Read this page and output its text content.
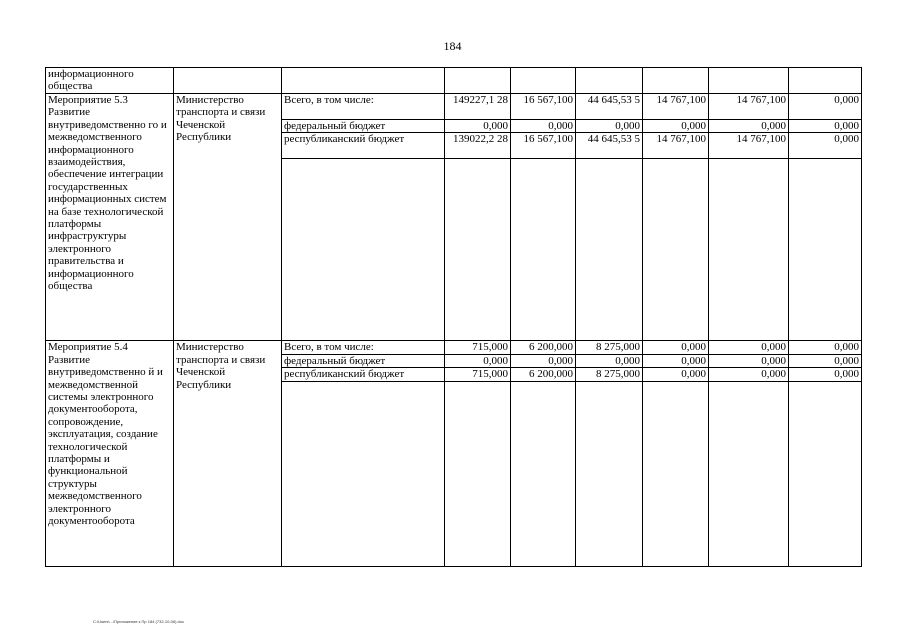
184
информационного общества								
Мероприятие 5.3 Развитие внутриведомственно го и межведомственного информационного взаимодействия, обеспечение интеграции государственных информационных систем на базе технологической платформы инфраструктуры электронного правительства и информационного общества	Министерство транспорта и связи Чеченской Республики	Всего, в том числе:	149227,1 28	16 567,100	44 645,53 5	14 767,100	14 767,100	0,000
		федеральный бюджет	0,000	0,000	0,000	0,000	0,000	0,000
		республиканский бюджет	139022,2 28	16 567,100	44 645,53 5	14 767,100	14 767,100	0,000

Мероприятие 5.4 Развитие внутриведомственно й и межведомственной системы электронного документооборота, сопровождение, эксплуатация, создание технологической платформы и функциональной структуры межведомственного электронного документооборота	Министерство транспорта и связи Чеченской Республики	Всего, в том числе:	715,000	6 200,000	8 275,000	0,000	0,000	0,000
		федеральный бюджет	0,000	0,000	0,000	0,000	0,000	0,000
		республиканский бюджет	715,000	6 200,000	8 275,000	0,000	0,000	0,000

C:\Users\...\Приложение к Пр 184 (732-10-06).doc
